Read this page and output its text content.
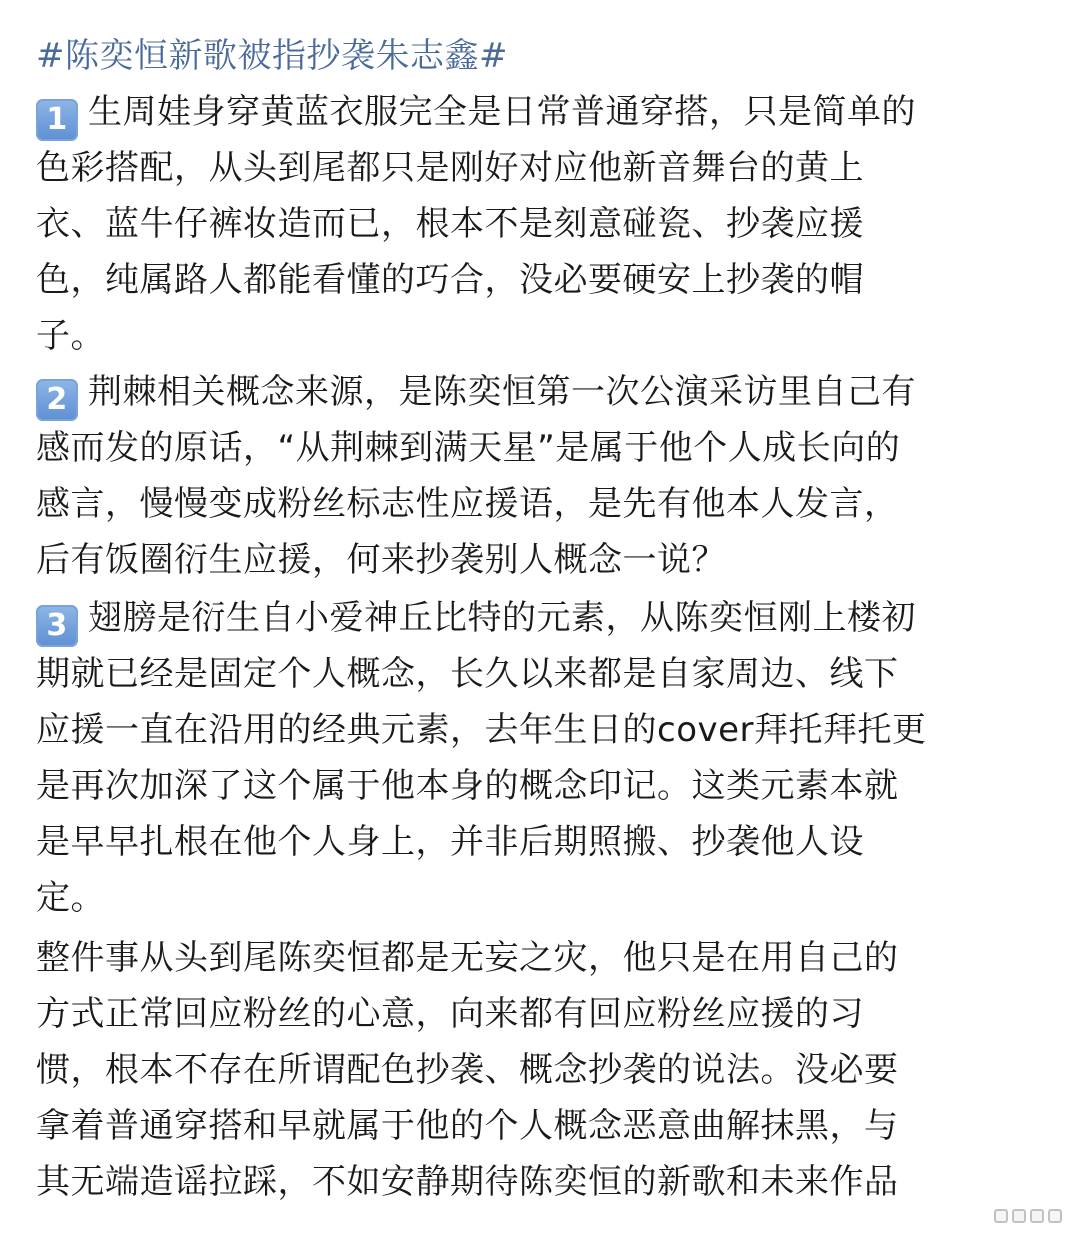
#陈奕恒新歌被指抄袭朱志鑫#
1 生周娃身穿黄蓝衣服完全是日常普通穿搭，只是简单的
色彩搭配，从头到尾都只是刚好对应他新音舞台的黄上
衣、蓝牛仔裤妆造而已，根本不是刻意碰瓷、抄袭应援
色，纯属路人都能看懂的巧合，没必要硬安上抄袭的帽
子。
2 荆棘相关概念来源，是陈奕恒第一次公演采访里自己有
感而发的原话，“从荆棘到满天星”是属于他个人成长向的
感言，慢慢变成粉丝标志性应援语，是先有他本人发言，
后有饭圈衍生应援，何来抄袭别人概念一说？
3 翅膀是衍生自小爱神丘比特的元素，从陈奕恒刚上楼初
期就已经是固定个人概念，长久以来都是自家周边、线下
应援一直在沿用的经典元素，去年生日的cover拜托拜托更
是再次加深了这个属于他本身的概念印记。这类元素本就
是早早扎根在他个人身上，并非后期照搬、抄袭他人设
定。
整件事从头到尾陈奕恒都是无妄之灾，他只是在用自己的
方式正常回应粉丝的心意，向来都有回应粉丝应援的习
惯，根本不存在所谓配色抄袭、概念抄袭的说法。没必要
拿着普通穿搭和早就属于他的个人概念恶意曲解抹黑，与
其无端造谣拉踩，不如安静期待陈奕恒的新歌和未来作品
